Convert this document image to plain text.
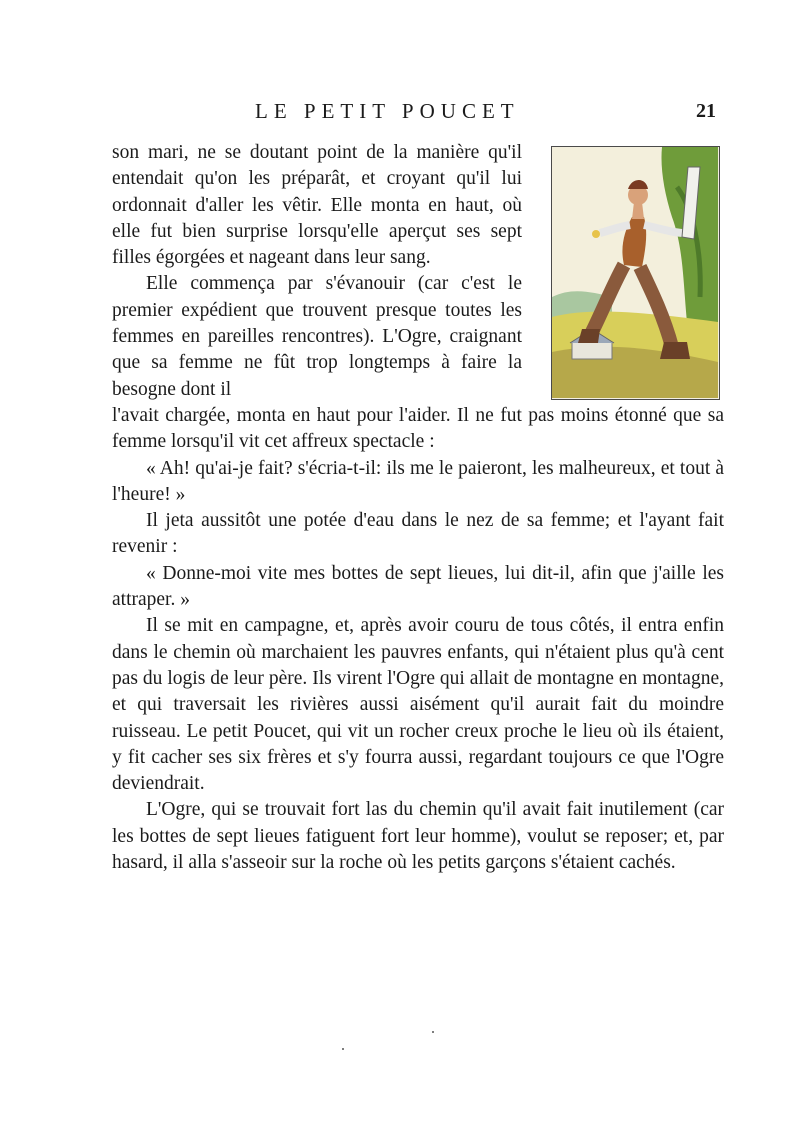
LE PETIT POUCET	21

son mari, ne se doutant point de la manière qu'il entendait qu'on les préparât, et croyant qu'il lui ordonnait d'aller les vêtir. Elle monta en haut, où elle fut bien surprise lorsqu'elle aperçut ses sept filles égorgées et nageant dans leur sang.

Elle commença par s'évanouir (car c'est le premier expédient que trouvent presque toutes les femmes en pareilles rencontres). L'Ogre, craignant que sa femme ne fût trop longtemps à faire la besogne dont il

l'avait chargée, monta en haut pour l'aider. Il ne fut pas moins étonné que sa femme lorsqu'il vit cet affreux spectacle :

« Ah! qu'ai-je fait? s'écria-t-il: ils me le paieront, les malheureux, et tout à l'heure! »

Il jeta aussitôt une potée d'eau dans le nez de sa femme; et l'ayant fait revenir :

« Donne-moi vite mes bottes de sept lieues, lui dit-il, afin que j'aille les attraper. »

Il se mit en campagne, et, après avoir couru de tous côtés, il entra enfin dans le chemin où marchaient les pauvres enfants, qui n'étaient plus qu'à cent pas du logis de leur père. Ils virent l'Ogre qui allait de montagne en montagne, et qui traversait les rivières aussi aisément qu'il aurait fait du moindre ruisseau. Le petit Poucet, qui vit un rocher creux proche le lieu où ils étaient, y fit cacher ses six frères et s'y fourra aussi, regardant toujours ce que l'Ogre deviendrait.

L'Ogre, qui se trouvait fort las du chemin qu'il avait fait inutilement (car les bottes de sept lieues fatiguent fort leur homme), voulut se reposer; et, par hasard, il alla s'asseoir sur la roche où les petits garçons s'étaient cachés.
